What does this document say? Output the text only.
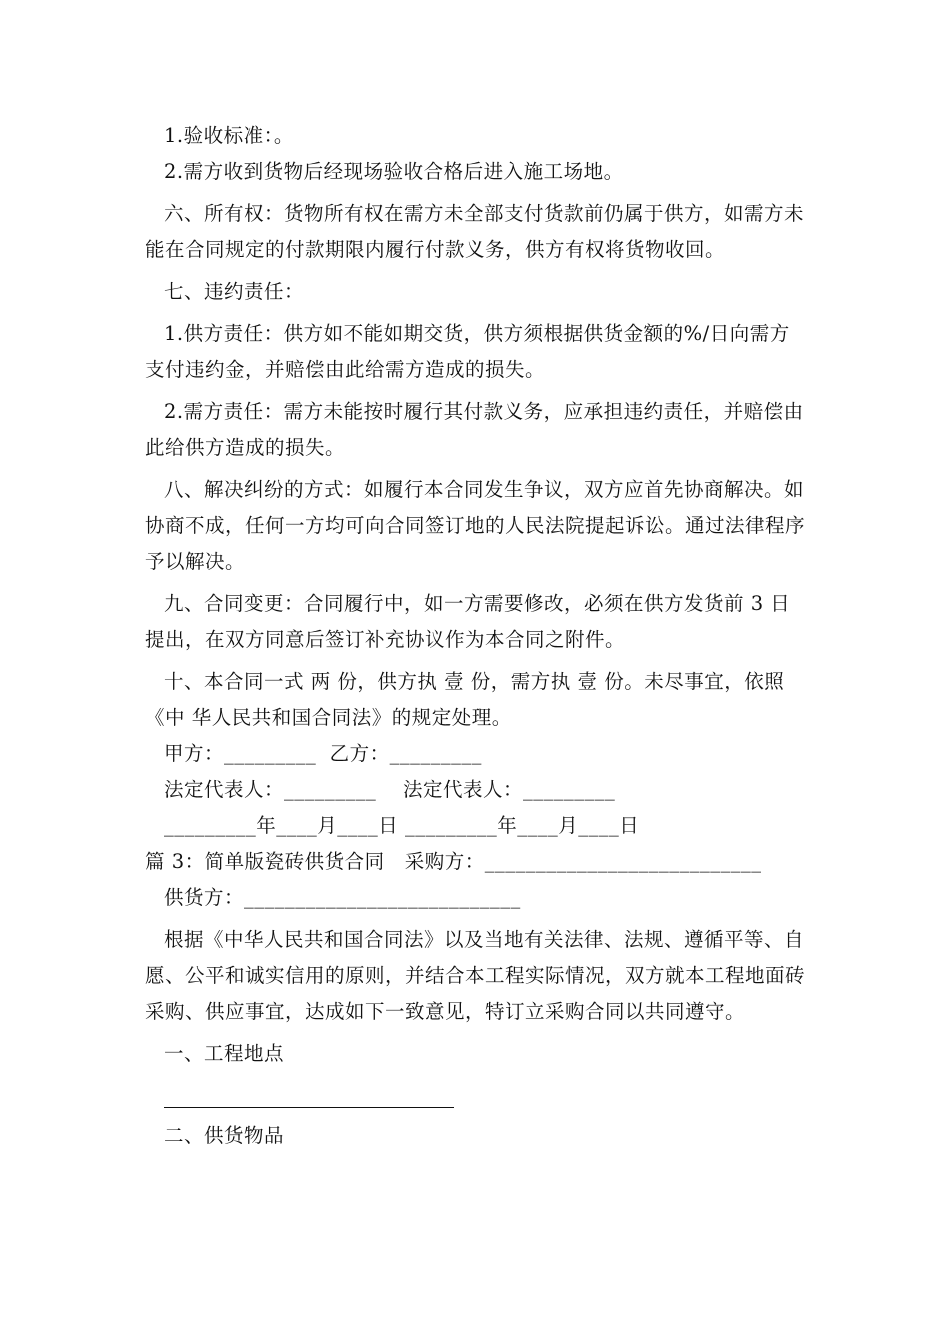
1.验收标准：。

2.需方收到货物后经现场验收合格后进入施工场地。

六、所有权：货物所有权在需方未全部支付货款前仍属于供方，如需方未能在合同规定的付款期限内履行付款义务，供方有权将货物收回。

七、违约责任：

1.供方责任：供方如不能如期交货，供方须根据供货金额的%/日向需方支付违约金，并赔偿由此给需方造成的损失。

2.需方责任：需方未能按时履行其付款义务，应承担违约责任，并赔偿由此给供方造成的损失。

八、解决纠纷的方式：如履行本合同发生争议，双方应首先协商解决。如协商不成，任何一方均可向合同签订地的人民法院提起诉讼。通过法律程序予以解决。

九、合同变更：合同履行中，如一方需要修改，必须在供方发货前 3 日提出，在双方同意后签订补充协议作为本合同之附件。

十、本合同一式 两 份，供方执 壹 份，需方执 壹 份。未尽事宜，依照《中 华人民共和国合同法》的规定处理。

甲方：_________  乙方：_________

法定代表人：_________    法定代表人：_________

_________年____月____日 _________年____月____日

篇 3：简单版瓷砖供货合同   采购方：___________________________

供货方：___________________________

根据《中华人民共和国合同法》以及当地有关法律、法规、遵循平等、自愿、公平和诚实信用的原则，并结合本工程实际情况，双方就本工程地面砖采购、供应事宜，达成如下一致意见，特订立采购合同以共同遵守。

一、工程地点

二、供货物品
